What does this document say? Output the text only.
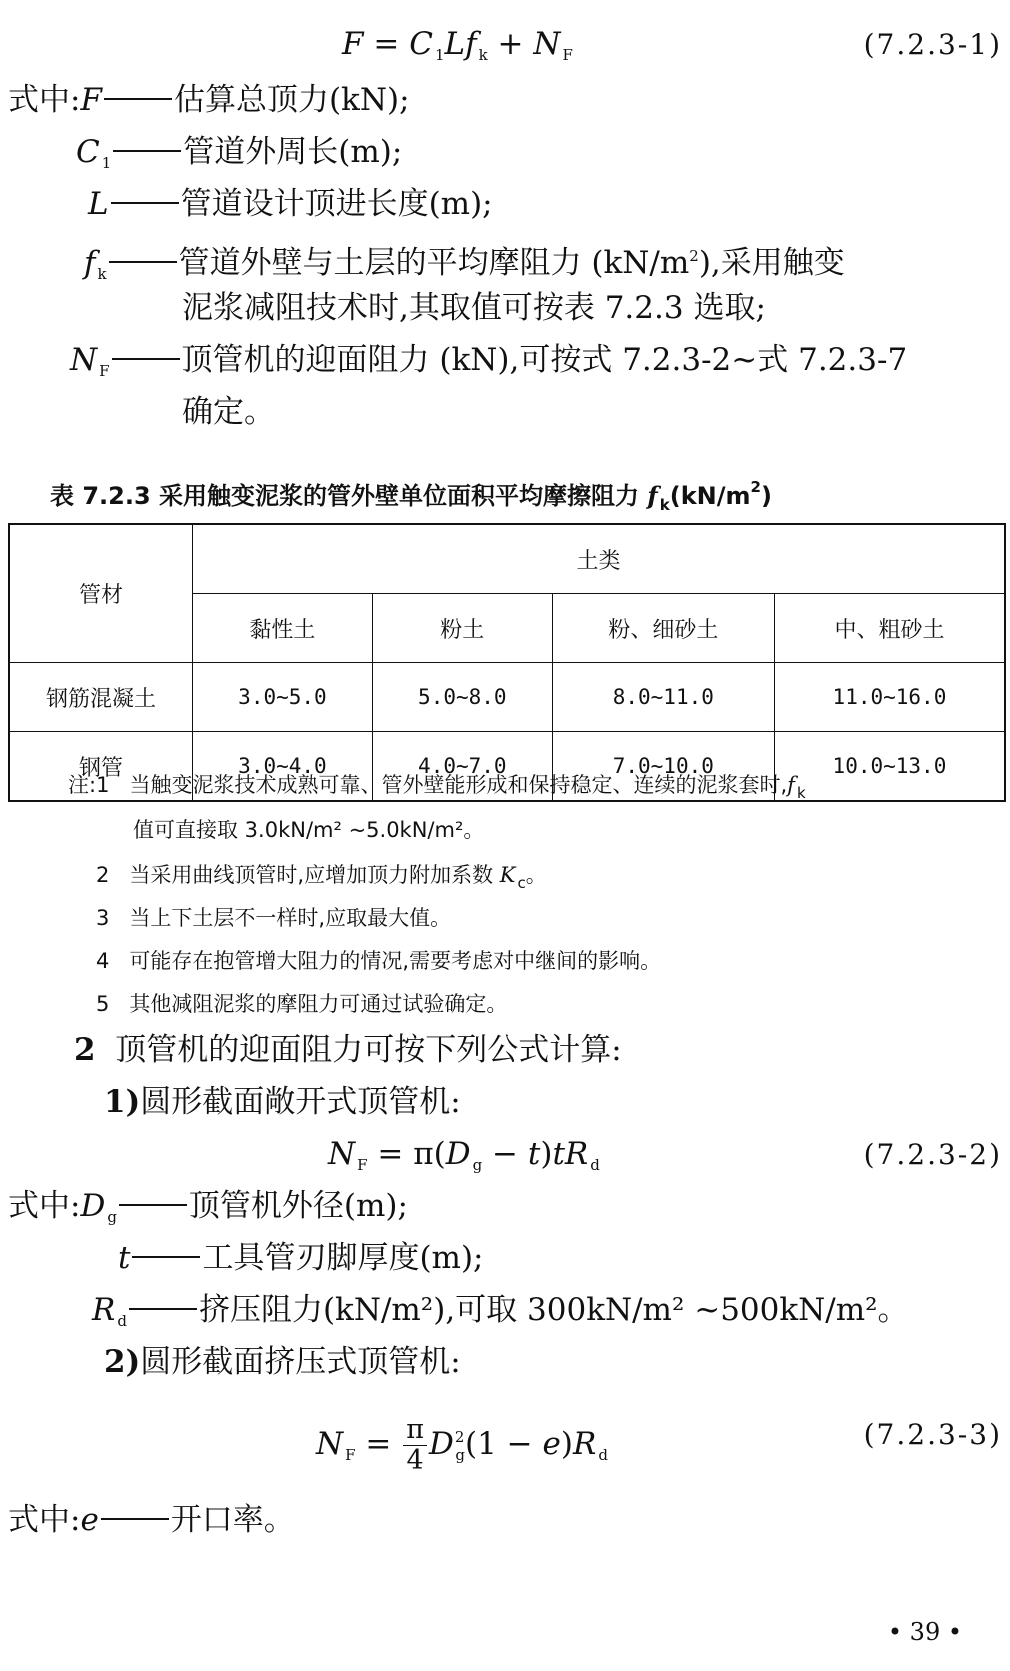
F = C $_1$Lf $_k$ + N $_F$	(7.2.3-1)
式中:F 估算总顶力(kN);
C $_1$ 管道外周长(m);
L 管道设计顶进长度(m);
f $_k$ 管道外壁与土层的平均摩阻力 $(kN/m^2)$,采用触变
泥浆减阻技术时,其取值可按表 7.2.3 选取;
N $_F$ 顶管机的迎面阻力 (kN),可按式 7.2.3-2~式 7.2.3-7
确定。
表 7.2.3 采用触变泥浆的管外壁单位面积平均摩擦阻力 f $_k(kN/m^2)$
管材	土类			
	黏性土	粉土	粉、细砂土	中、粗砂土
钢筋混凝土	3.0~5.0	5.0~8.0	8.0~11.0	11.0~16.0
钢管	3.0~4.0	4.0~7.0	7.0~10.0	10.0~13.0
注:1 当触变泥浆技术成熟可靠、管外壁能形成和保持稳定、连续的泥浆套时,f $_k$
值可直接取 3.0kN/m² ~5.0kN/m²。
2 当采用曲线顶管时,应增加顶力附加系数 K $_c$。
3 当上下土层不一样时,应取最大值。
4 可能存在抱管增大阻力的情况,需要考虑对中继间的影响。
5 其他减阻泥浆的摩阻力可通过试验确定。
2 顶管机的迎面阻力可按下列公式计算:
1)圆形截面敞开式顶管机:
N $_F$ = π(D $_g$ − t)tR $_d$	(7.2.3-2)
式中:D $_g$ 顶管机外径(m);
t 工具管刃脚厚度(m);
R $_d$ 挤压阻力(kN/m²),可取 300kN/m² ~500kN/m²。
2)圆形截面挤压式顶管机:
N $_F = \frac{\pi}{4} D^2_g(1 - e)R$ $_d$
(7.2.3-3)
式中:e 开口率。
• 39 •
